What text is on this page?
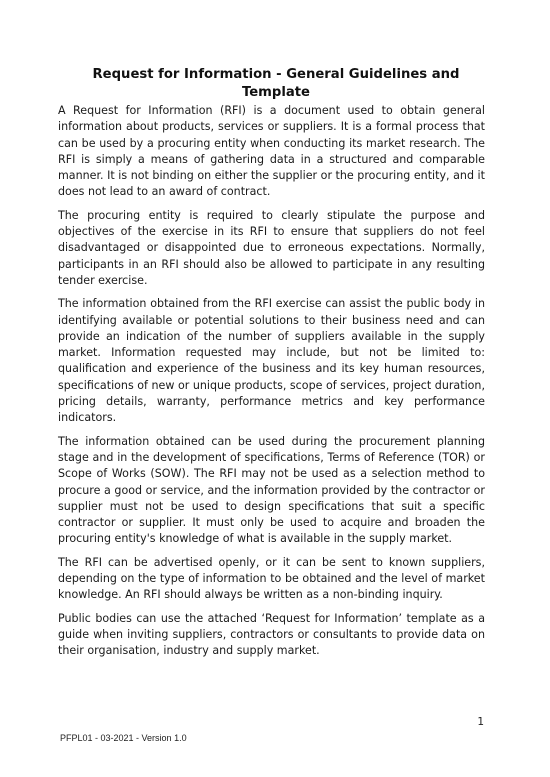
Request for Information - General Guidelines and Template

A Request for Information (RFI) is a document used to obtain general information about products, services or suppliers. It is a formal process that can be used by a procuring entity when conducting its market research. The RFI is simply a means of gathering data in a structured and comparable manner. It is not binding on either the supplier or the procuring entity, and it does not lead to an award of contract.

The procuring entity is required to clearly stipulate the purpose and objectives of the exercise in its RFI to ensure that suppliers do not feel disadvantaged or disappointed due to erroneous expectations. Normally, participants in an RFI should also be allowed to participate in any resulting tender exercise.

The information obtained from the RFI exercise can assist the public body in identifying available or potential solutions to their business need and can provide an indication of the number of suppliers available in the supply market. Information requested may include, but not be limited to: qualification and experience of the business and its key human resources, specifications of new or unique products, scope of services, project duration, pricing details, warranty, performance metrics and key performance indicators.

The information obtained can be used during the procurement planning stage and in the development of specifications, Terms of Reference (TOR) or Scope of Works (SOW). The RFI may not be used as a selection method to procure a good or service, and the information provided by the contractor or supplier must not be used to design specifications that suit a specific contractor or supplier. It must only be used to acquire and broaden the procuring entity's knowledge of what is available in the supply market.

The RFI can be advertised openly, or it can be sent to known suppliers, depending on the type of information to be obtained and the level of market knowledge. An RFI should always be written as a non-binding inquiry.

Public bodies can use the attached ‘Request for Information’ template as a guide when inviting suppliers, contractors or consultants to provide data on their organisation, industry and supply market.

1
PFPL01 - 03-2021 - Version 1.0
